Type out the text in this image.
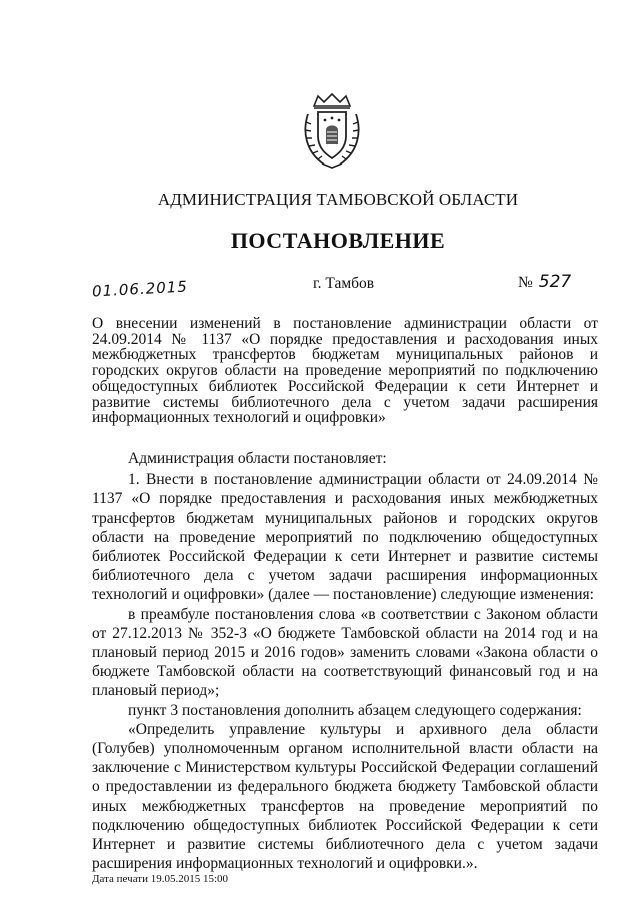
АДМИНИСТРАЦИЯ ТАМБОВСКОЙ ОБЛАСТИ
ПОСТАНОВЛЕНИЕ
01.06.2015	г. Тамбов	№ 527
О внесении изменений в постановление администрации области от 24.09.2014 № 1137 «О порядке предоставления и расходования иных межбюджетных трансфертов бюджетам муниципальных районов и городских округов области на проведение мероприятий по подключению общедоступных библиотек Российской Федерации к сети Интернет и развитие системы библиотечного дела с учетом задачи расширения информационных технологий и оцифровки»

Администрация области постановляет:

1. Внести в постановление администрации области от 24.09.2014 № 1137 «О порядке предоставления и расходования иных межбюджетных трансфертов бюджетам муниципальных районов и городских округов области на проведение мероприятий по подключению общедоступных библиотек Российской Федерации к сети Интернет и развитие системы библиотечного дела с учетом задачи расширения информационных технологий и оцифровки» (далее — постановление) следующие изменения:

в преамбуле постановления слова «в соответствии с Законом области от 27.12.2013 № 352-З «О бюджете Тамбовской области на 2014 год и на плановый период 2015 и 2016 годов» заменить словами «Закона области о бюджете Тамбовской области на соответствующий финансовый год и на плановый период»;

пункт 3 постановления дополнить абзацем следующего содержания:

«Определить управление культуры и архивного дела области (Голубев) уполномоченным органом исполнительной власти области на заключение с Министерством культуры Российской Федерации соглашений о предоставлении из федерального бюджета бюджету Тамбовской области иных межбюджетных трансфертов на проведение мероприятий по подключению общедоступных библиотек Российской Федерации к сети Интернет и развитие системы библиотечного дела с учетом задачи расширения информационных технологий и оцифровки.».

Дата печати 19.05.2015 15:00
